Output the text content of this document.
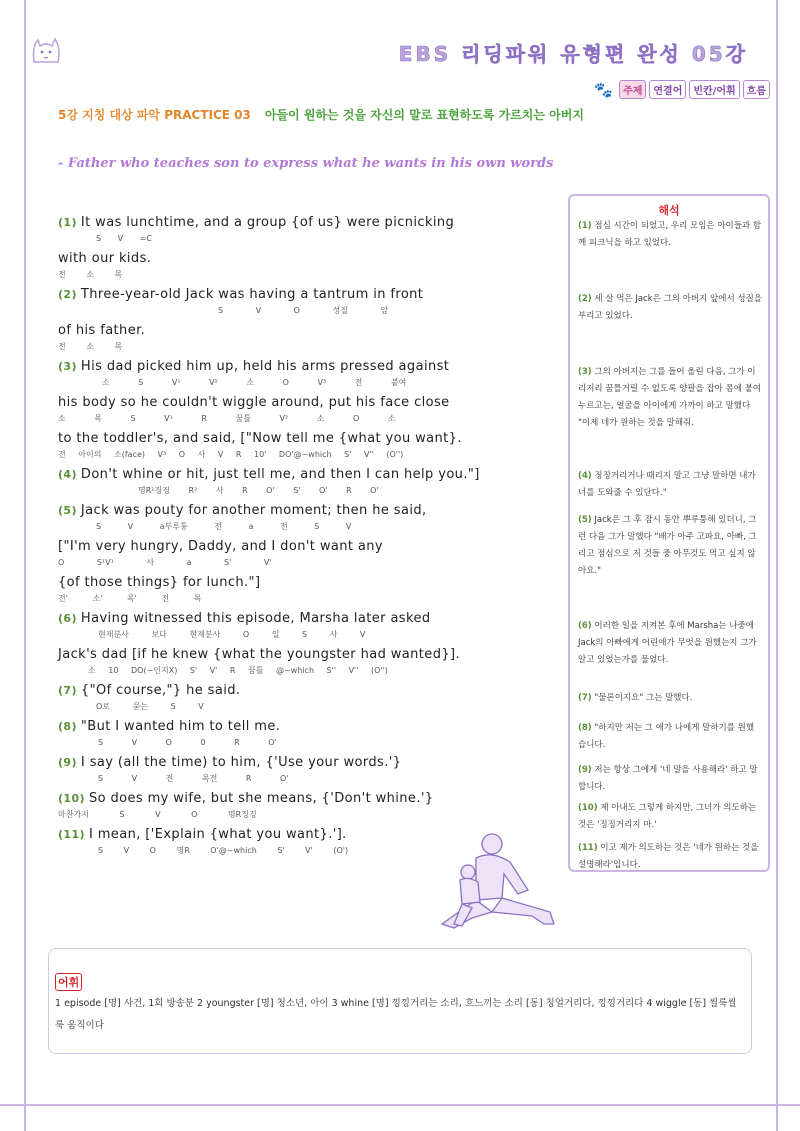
EBS 리딩파워 유형편 완성 05강
🐾	주제	연결어	빈칸/어휘	흐름
5강 지칭 대상 파악 PRACTICE 03 아들이 원하는 것을 자신의 말로 표현하도록 가르치는 아버지
- Father who teaches son to express what he wants in his own words
(1) It was lunchtime, and a group {of us} were picnicking
S V =C
with our kids.
전 소 목
(2) Three-year-old Jack was having a tantrum in front
S V O 성질 앞
of his father.
전 소 목
(3) His dad picked him up, held his arms pressed against
소 S V¹ V² 소 O V³ 전 붙여
his body so he couldn't wiggle around, put his face close
소 목 S V¹ R 꿈틀 V² 소 O 소
to the toddler's, and said, ["Now tell me {what you want}.
전 아이의 소(face) V³ O 사 V R 10' DO'@~which S' V'' (O'')
(4) Don't whine or hit, just tell me, and then I can help you."]
명R¹징징 R² 사 R O' S' O' R O'
(5) Jack was pouty for another moment; then he said,
S V a부루퉁 전 a 전 S V
["I'm very hungry, Daddy, and I don't want any
O S¹V¹ 사 a S' V'
{of those things} for lunch."]
전' 소' 목' 전 목
(6) Having witnessed this episode, Marsha later asked
현재분사 보다 현재분사 O 일 S 사 V
Jack's dad [if he knew {what the youngster had wanted}].
소 10 DO(~인지X) S' V' R 꿈틀 @~which S'' V'' (O'')
(7) {"Of course,"} he said.
O로 묻는 S V
(8) "But I wanted him to tell me.
S V O 0 R O'
(9) I say (all the time) to him, {'Use your words.'}
S V 전 목전 R O'
(10) So does my wife, but she means, {'Don't whine.'}
마찬가지 S V O 명R징징
(11) I mean, ['Explain {what you want}.'].
S V O 명R O'@~which S' V' (O')
해석
(1) 점심 시간이 되었고, 우리 모임은 아이들과 함께 피크닉을 하고 있었다.
(2) 세 살 먹은 Jack은 그의 아버지 앞에서 성질을 부리고 있었다.
(3) 그의 아버지는 그를 들어 올린 다음, 그가 이리저리 꿈틀거릴 수 없도록 양팔을 잡아 몸에 붙여 누르고는, 얼굴을 아이에게 가까이 하고 말했다 "이제 네가 원하는 것을 말해줘.
(4) 징징거리거나 때리지 말고 그냥 말하면 내가 너를 도와줄 수 있단다."
(5) Jack은 그 후 잠시 동안 뿌루퉁해 있더니, 그런 다음 그가 말했다 "배가 아주 고파요, 아빠, 그리고 점심으로 저 것들 중 아무것도 먹고 싶지 않아요."
(6) 이러한 일을 지켜본 후에 Marsha는 나중에 Jack의 아빠에게 어린애가 무엇을 원했는지 그가 알고 있었는가를 물었다.
(7) "물론이지요" 그는 말했다.
(8) "하지만 저는 그 애가 나에게 말하기를 원했습니다.
(9) 저는 항상 그에게 '네 말을 사용해라' 하고 말합니다.
(10) 제 아내도 그렇게 하지만, 그녀가 의도하는 것은 '징징거리지 마.'
(11) 이고 제가 의도하는 것은 '네가 원하는 것을 설명해라'입니다.
어휘
1 episode [명] 사건, 1회 방송분 2 youngster [명] 청소년, 아이 3 whine [명] 낑낑거리는 소리, 흐느끼는 소리 [동] 칭얼거리다, 낑낑거리다 4 wiggle [동] 씰룩씰룩 움직이다
